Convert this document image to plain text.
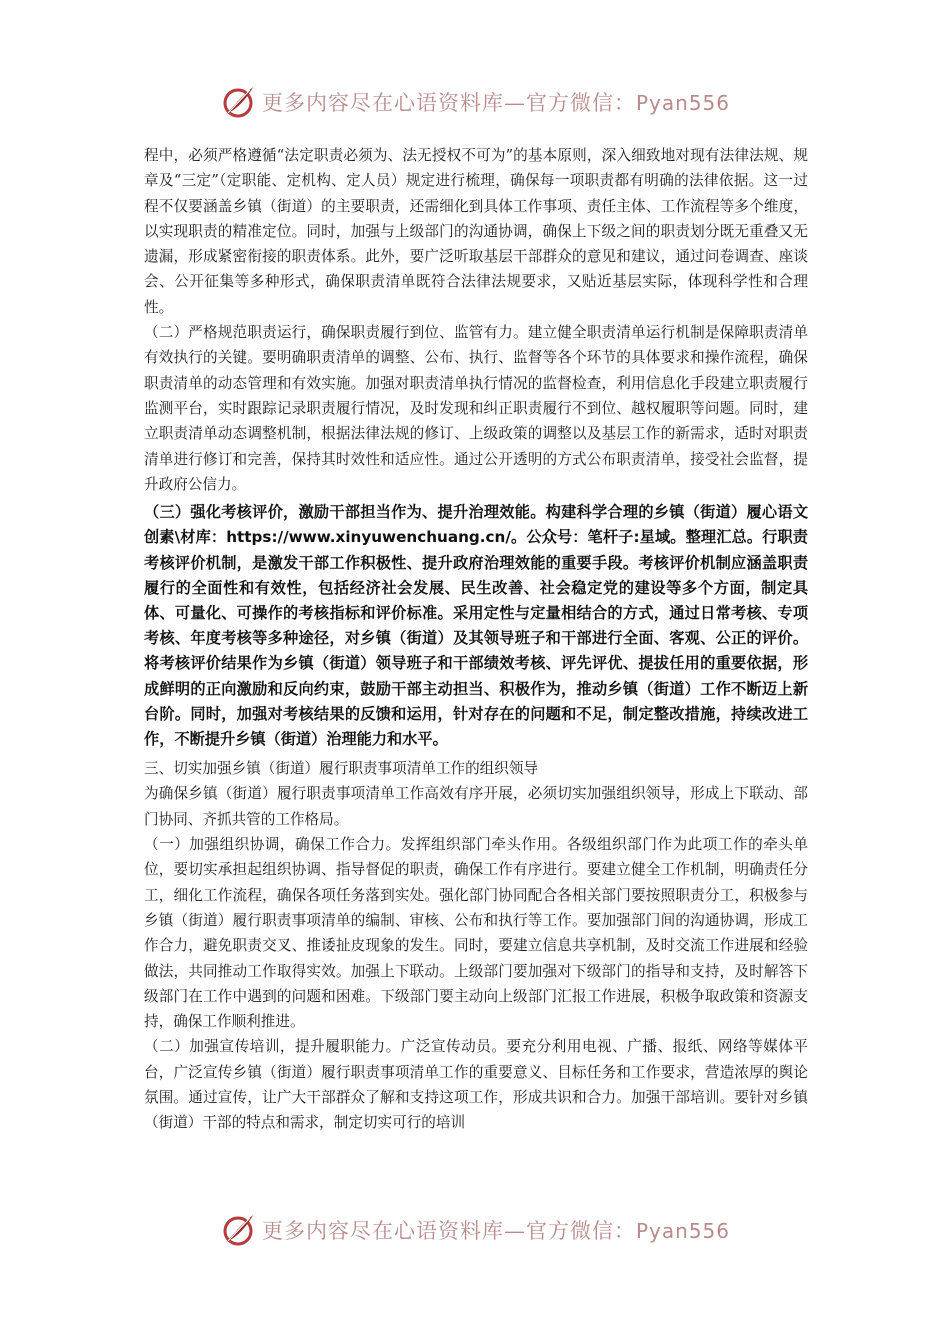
更多内容尽在心语资料库—官方微信：Pyan556

程中，必须严格遵循“法定职责必须为、法无授权不可为”的基本原则，深入细致地对现有法律法规、规章及“三定”（定职能、定机构、定人员）规定进行梳理，确保每一项职责都有明确的法律依据。这一过程不仅要涵盖乡镇（街道）的主要职责，还需细化到具体工作事项、责任主体、工作流程等多个维度，以实现职责的精准定位。同时，加强与上级部门的沟通协调，确保上下级之间的职责划分既无重叠又无遗漏，形成紧密衔接的职责体系。此外，要广泛听取基层干部群众的意见和建议，通过问卷调查、座谈会、公开征集等多种形式，确保职责清单既符合法律法规要求，又贴近基层实际，体现科学性和合理性。

（二）严格规范职责运行，确保职责履行到位、监管有力。建立健全职责清单运行机制是保障职责清单有效执行的关键。要明确职责清单的调整、公布、执行、监督等各个环节的具体要求和操作流程，确保职责清单的动态管理和有效实施。加强对职责清单执行情况的监督检查，利用信息化手段建立职责履行监测平台，实时跟踪记录职责履行情况，及时发现和纠正职责履行不到位、越权履职等问题。同时，建立职责清单动态调整机制，根据法律法规的修订、上级政策的调整以及基层工作的新需求，适时对职责清单进行修订和完善，保持其时效性和适应性。通过公开透明的方式公布职责清单，接受社会监督，提升政府公信力。

（三）强化考核评价，激励干部担当作为、提升治理效能。构建科学合理的乡镇（街道）履心语文创素\材库：https://www.xinyuwenchuang.cn/。公众号：笔杆子:星域。整理汇总。行职责考核评价机制，是激发干部工作积极性、提升政府治理效能的重要手段。考核评价机制应涵盖职责履行的全面性和有效性，包括经济社会发展、民生改善、社会稳定党的建设等多个方面，制定具体、可量化、可操作的考核指标和评价标准。采用定性与定量相结合的方式，通过日常考核、专项考核、年度考核等多种途径，对乡镇（街道）及其领导班子和干部进行全面、客观、公正的评价。将考核评价结果作为乡镇（街道）领导班子和干部绩效考核、评先评优、提拔任用的重要依据，形成鲜明的正向激励和反向约束，鼓励干部主动担当、积极作为，推动乡镇（街道）工作不断迈上新台阶。同时，加强对考核结果的反馈和运用，针对存在的问题和不足，制定整改措施，持续改进工作，不断提升乡镇（街道）治理能力和水平。

三、切实加强乡镇（街道）履行职责事项清单工作的组织领导

为确保乡镇（街道）履行职责事项清单工作高效有序开展，必须切实加强组织领导，形成上下联动、部门协同、齐抓共管的工作格局。

（一）加强组织协调，确保工作合力。发挥组织部门牵头作用。各级组织部门作为此项工作的牵头单位，要切实承担起组织协调、指导督促的职责，确保工作有序进行。要建立健全工作机制，明确责任分工，细化工作流程，确保各项任务落到实处。强化部门协同配合各相关部门要按照职责分工，积极参与乡镇（街道）履行职责事项清单的编制、审核、公布和执行等工作。要加强部门间的沟通协调，形成工作合力，避免职责交叉、推诿扯皮现象的发生。同时，要建立信息共享机制，及时交流工作进展和经验做法，共同推动工作取得实效。加强上下联动。上级部门要加强对下级部门的指导和支持，及时解答下级部门在工作中遇到的问题和困难。下级部门要主动向上级部门汇报工作进展，积极争取政策和资源支持，确保工作顺利推进。

（二）加强宣传培训，提升履职能力。广泛宣传动员。要充分利用电视、广播、报纸、网络等媒体平台，广泛宣传乡镇（街道）履行职责事项清单工作的重要意义、目标任务和工作要求，营造浓厚的舆论氛围。通过宣传，让广大干部群众了解和支持这项工作，形成共识和合力。加强干部培训。要针对乡镇（街道）干部的特点和需求，制定切实可行的培训

更多内容尽在心语资料库—官方微信：Pyan556
